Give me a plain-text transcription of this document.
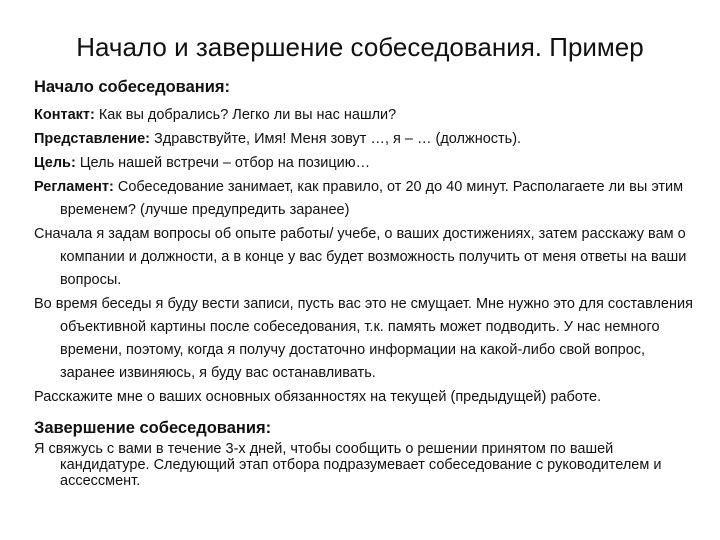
Начало и завершение собеседования. Пример
Начало собеседования:
Контакт: Как вы добрались? Легко ли вы нас нашли?
Представление: Здравствуйте, Имя! Меня зовут …, я – … (должность).
Цель: Цель нашей встречи – отбор на позицию…
Регламент: Собеседование занимает, как правило, от 20 до 40 минут. Располагаете ли вы этим временем? (лучше предупредить заранее)
Сначала я задам вопросы об опыте работы/ учебе, о ваших достижениях, затем расскажу вам о компании и должности, а в конце у вас будет возможность получить от меня ответы на ваши вопросы.
Во время беседы я буду вести записи, пусть вас это не смущает. Мне нужно это для составления объективной картины после собеседования, т.к. память может подводить. У нас немного времени, поэтому, когда я получу достаточно информации на какой-либо свой вопрос, заранее извиняюсь, я буду вас останавливать.
Расскажите мне о ваших основных обязанностях на текущей (предыдущей) работе.
Завершение собеседования:
Я свяжусь с вами в течение 3-х дней, чтобы сообщить о решении принятом по вашей кандидатуре. Следующий этап отбора подразумевает собеседование с руководителем и ассессмент.
